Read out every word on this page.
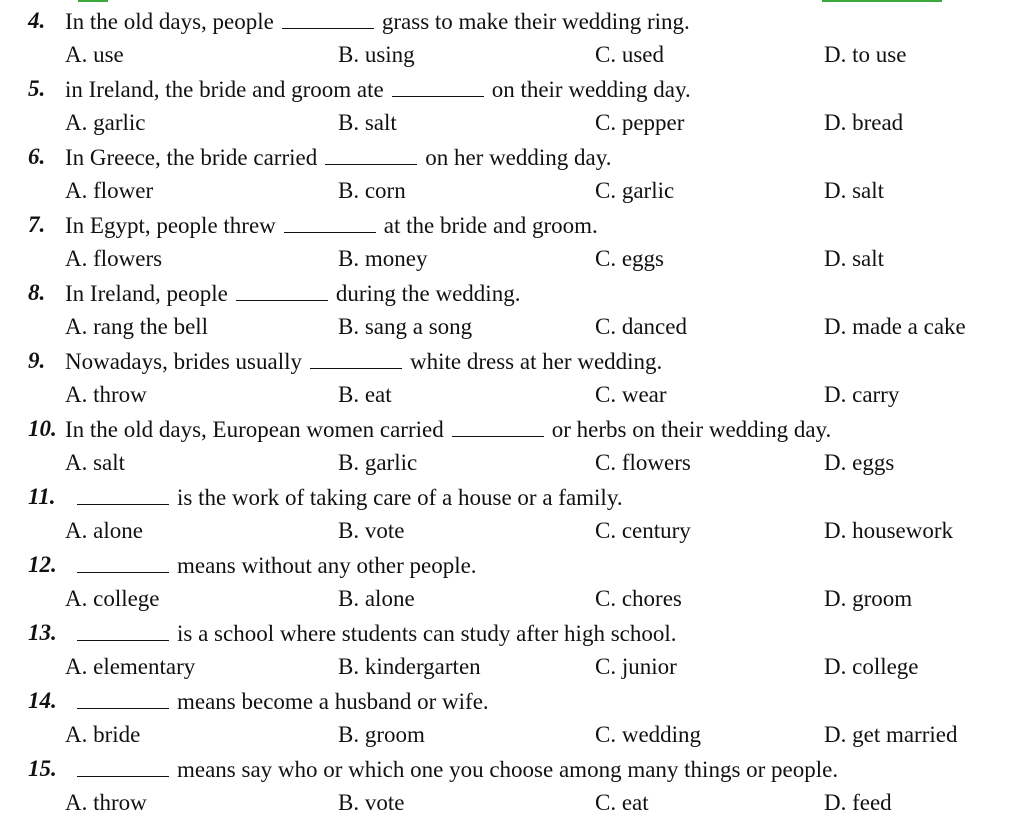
4. In the old days, people	grass to make their wedding ring.
A. use	B. using	C. used	D. to use
5. in Ireland, the bride and groom ate	on their wedding day.
A. garlic	B. salt	C. pepper	D. bread
6. In Greece, the bride carried	on her wedding day.
A. flower	B. corn	C. garlic	D. salt
7. In Egypt, people threw	at the bride and groom.
A. flowers	B. money	C. eggs	D. salt
8. In Ireland, people	during the wedding.
A. rang the bell	B. sang a song	C. danced	D. made a cake
9. Nowadays, brides usually	white dress at her wedding.
A. throw	B. eat	C. wear	D. carry
10. In the old days, European women carried	or herbs on their wedding day.
A. salt	B. garlic	C. flowers	D. eggs
11.	is the work of taking care of a house or a family.
A. alone	B. vote	C. century	D. housework
12.	means without any other people.
A. college	B. alone	C. chores	D. groom
13.	is a school where students can study after high school.
A. elementary	B. kindergarten	C. junior	D. college
14.	means become a husband or wife.
A. bride	B. groom	C. wedding	D. get married
15.	means say who or which one you choose among many things or people.
A. throw	B. vote	C. eat	D. feed
